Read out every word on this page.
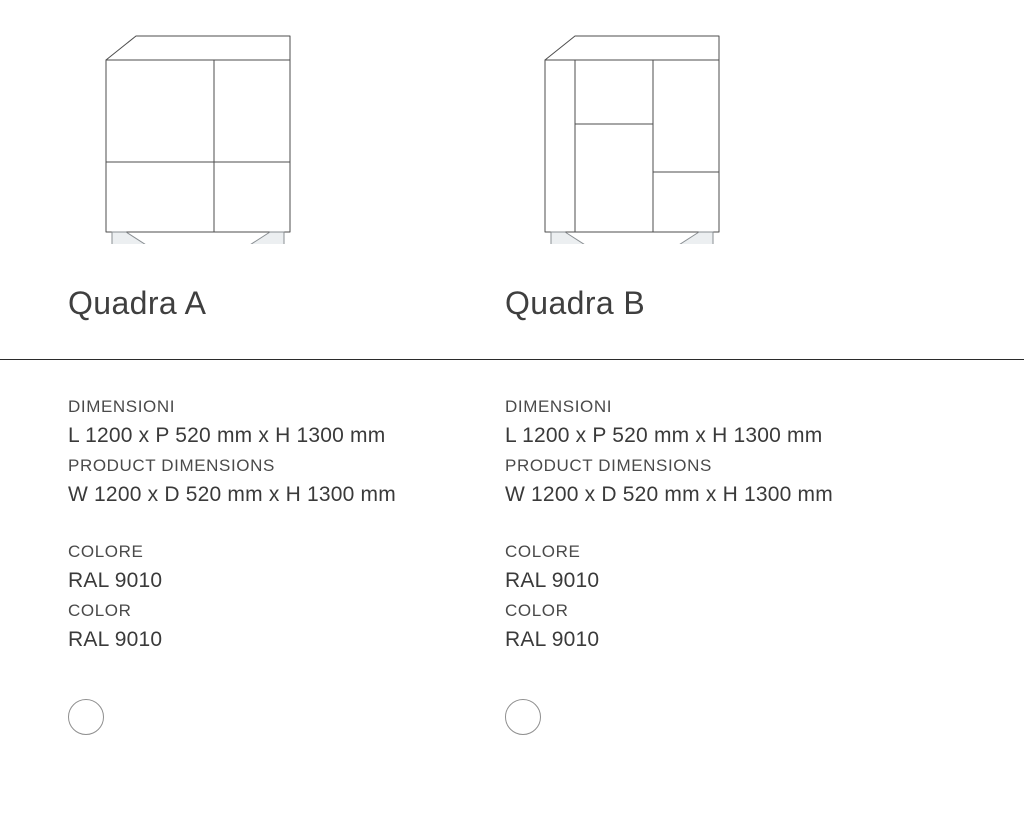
Quadra A	Quadra B
DIMENSIONI
L 1200 x P 520 mm x H 1300 mm
PRODUCT DIMENSIONS
W 1200 x D 520 mm x H 1300 mm
COLORE
RAL 9010
COLOR
RAL 9010
DIMENSIONI
L 1200 x P 520 mm x H 1300 mm
PRODUCT DIMENSIONS
W 1200 x D 520 mm x H 1300 mm
COLORE
RAL 9010
COLOR
RAL 9010
